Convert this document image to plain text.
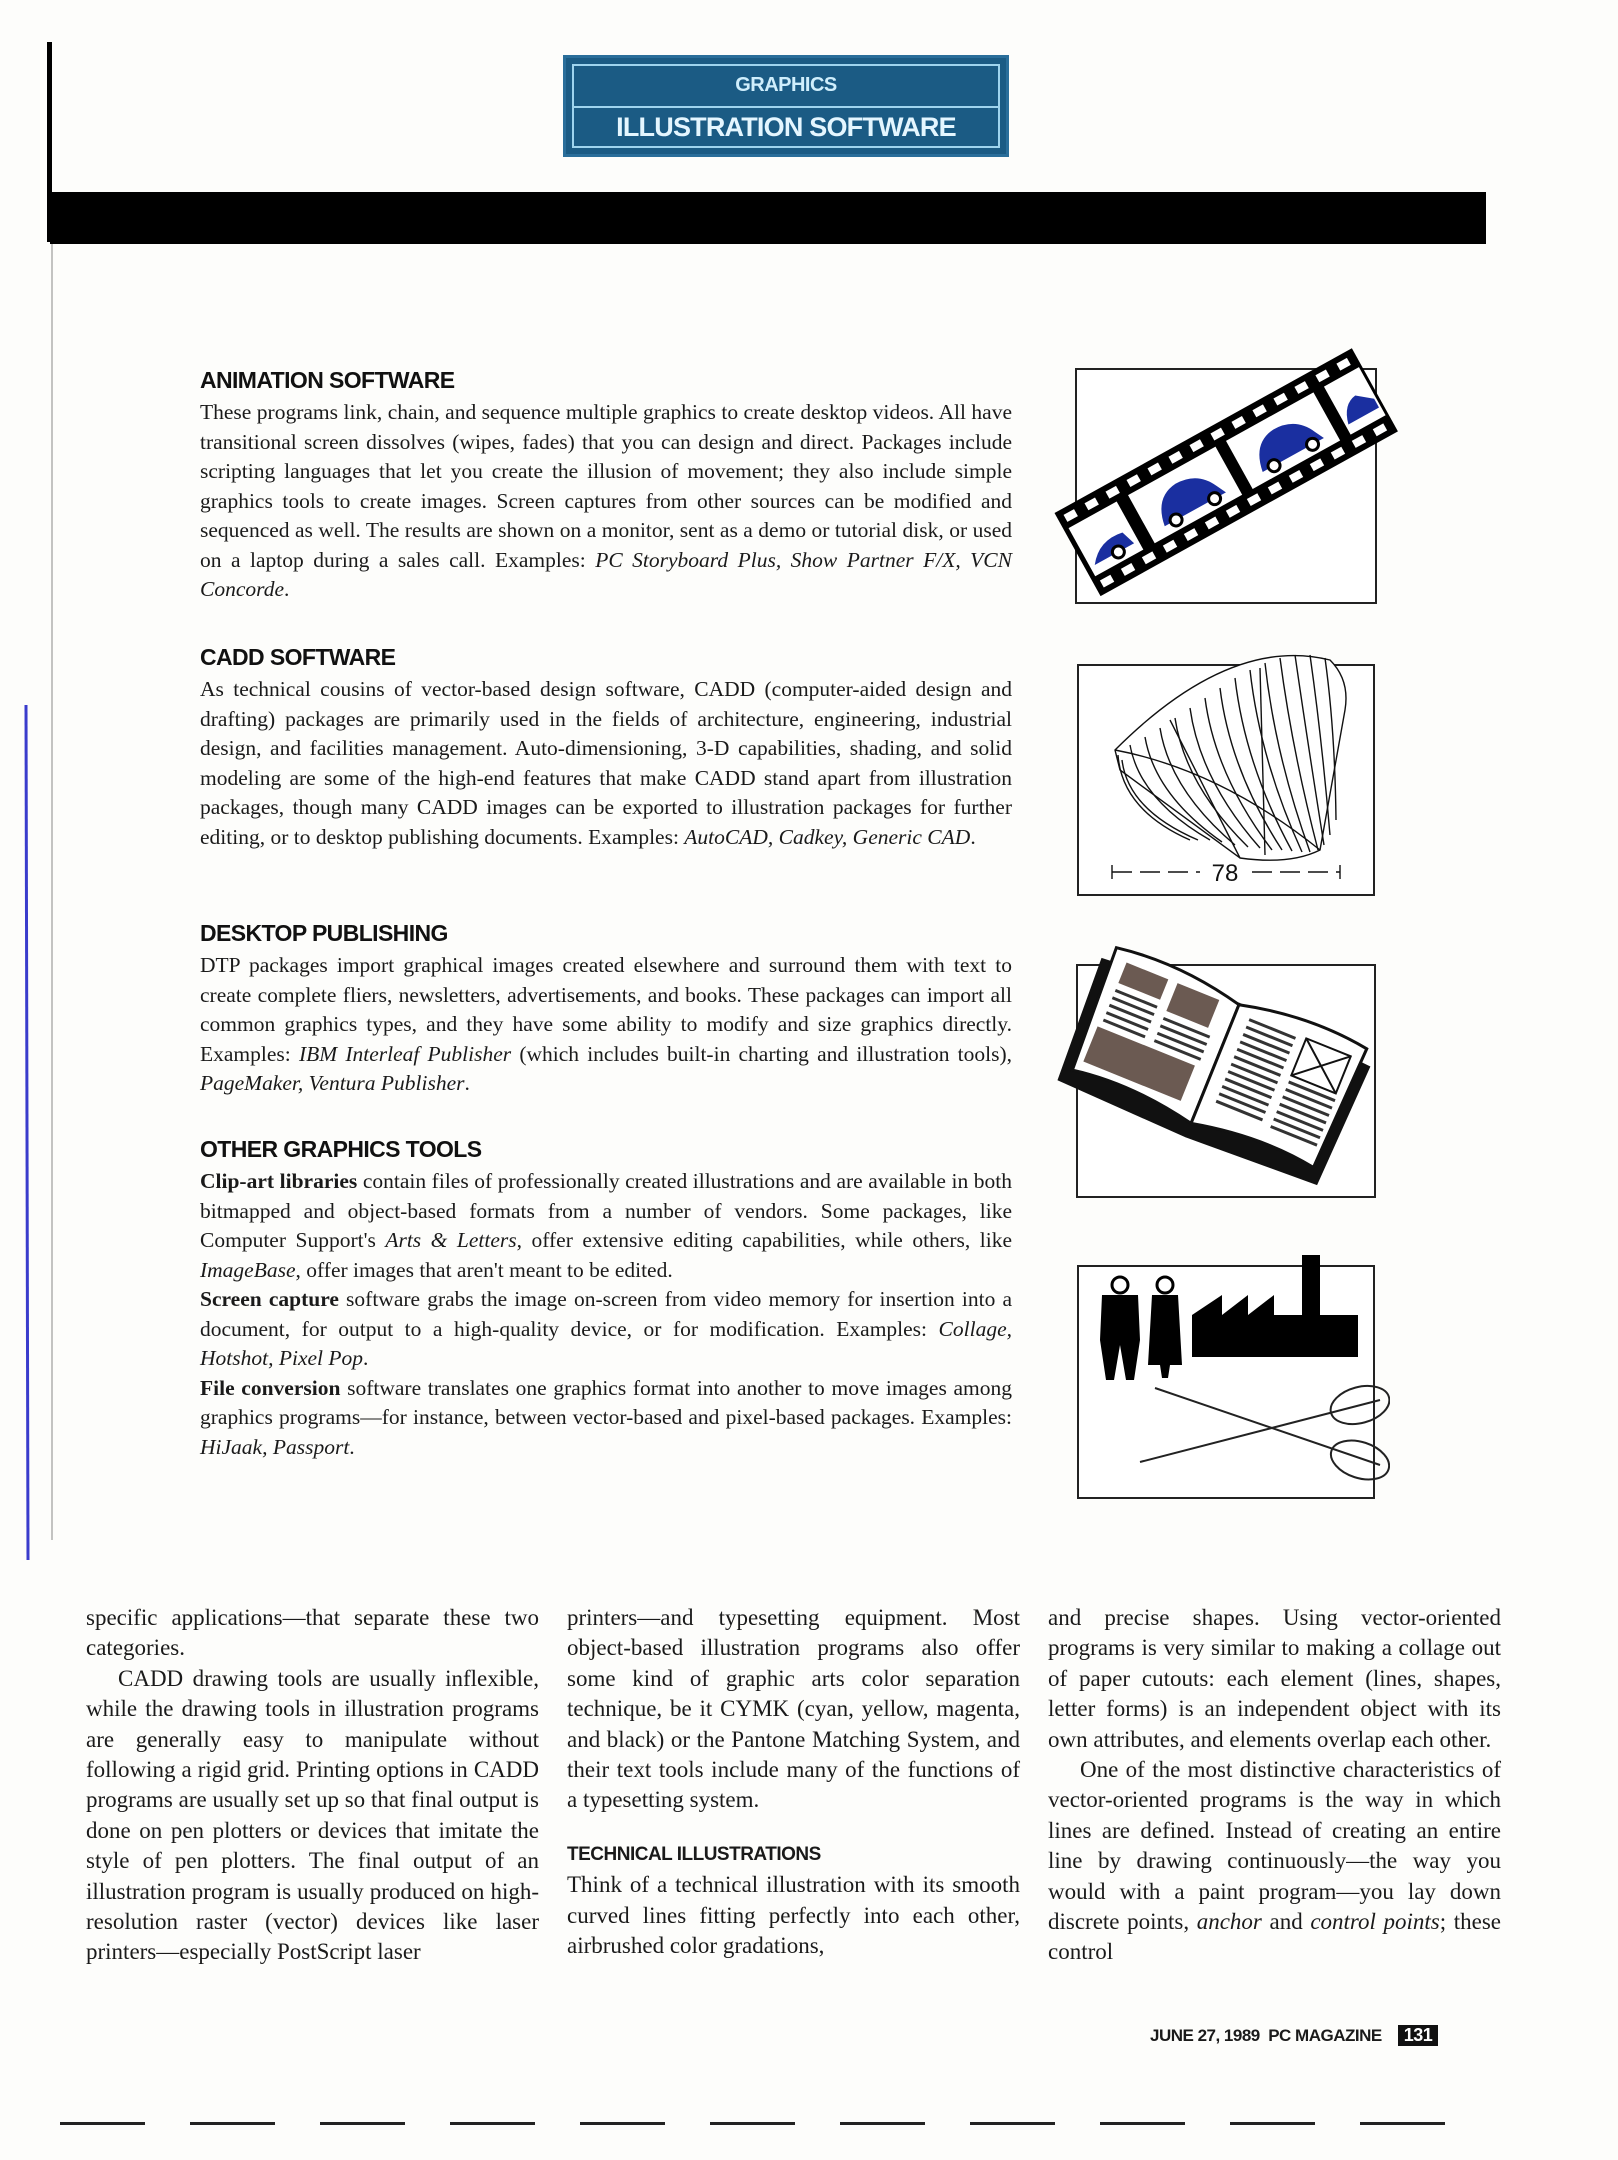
GRAPHICS
ILLUSTRATION SOFTWARE
ANIMATION SOFTWARE

These programs link, chain, and sequence multiple graphics to create desktop videos. All have transitional screen dissolves (wipes, fades) that you can design and direct. Packages include scripting languages that let you create the illusion of movement; they also include simple graphics tools to create images. Screen captures from other sources can be modified and sequenced as well. The results are shown on a monitor, sent as a demo or tutorial disk, or used on a laptop during a sales call. Examples: PC Storyboard Plus, Show Partner F/X, VCN Concorde.

CADD SOFTWARE

As technical cousins of vector-based design software, CADD (computer-aided design and drafting) packages are primarily used in the fields of architecture, engineering, industrial design, and facilities management. Auto-dimensioning, 3-D capabilities, shading, and solid modeling are some of the high-end features that make CADD stand apart from illustration packages, though many CADD images can be exported to illustration packages for further editing, or to desktop publishing documents. Examples: AutoCAD, Cadkey, Generic CAD.

DESKTOP PUBLISHING

DTP packages import graphical images created elsewhere and surround them with text to create complete fliers, newsletters, advertisements, and books. These packages can import all common graphics types, and they have some ability to modify and size graphics directly. Examples: IBM Interleaf Publisher (which includes built-in charting and illustration tools), PageMaker, Ventura Publisher.

OTHER GRAPHICS TOOLS

Clip-art libraries contain files of professionally created illustrations and are available in both bitmapped and object-based formats from a number of vendors. Some packages, like Computer Support's Arts & Letters, offer extensive editing capabilities, while others, like ImageBase, offer images that aren't meant to be edited.

Screen capture software grabs the image on-screen from video memory for insertion into a document, for output to a high-quality device, or for modification. Examples: Collage, Hotshot, Pixel Pop.

File conversion software translates one graphics format into another to move images among graphics programs—for instance, between vector-based and pixel-based packages. Examples: HiJaak, Passport.

78

specific applications—that separate these two categories.

CADD drawing tools are usually inflexible, while the drawing tools in illustration programs are generally easy to manipulate without following a rigid grid. Printing options in CADD programs are usually set up so that final output is done on pen plotters or devices that imitate the style of pen plotters. The final output of an illustration program is usually produced on high-resolution raster (vector) devices like laser printers—especially PostScript laser

printers—and typesetting equipment. Most object-based illustration programs also offer some kind of graphic arts color separation technique, be it CYMK (cyan, yellow, magenta, and black) or the Pantone Matching System, and their text tools include many of the functions of a typesetting system.

TECHNICAL ILLUSTRATIONS

Think of a technical illustration with its smooth curved lines fitting perfectly into each other, airbrushed color gradations,

and precise shapes. Using vector-oriented programs is very similar to making a collage out of paper cutouts: each element (lines, shapes, letter forms) is an independent object with its own attributes, and elements overlap each other.

One of the most distinctive characteristics of vector-oriented programs is the way in which lines are defined. Instead of creating an entire line by drawing continuously—the way you would with a paint program—you lay down discrete points, anchor and control points; these control

JUNE 27, 1989  PC MAGAZINE 131
